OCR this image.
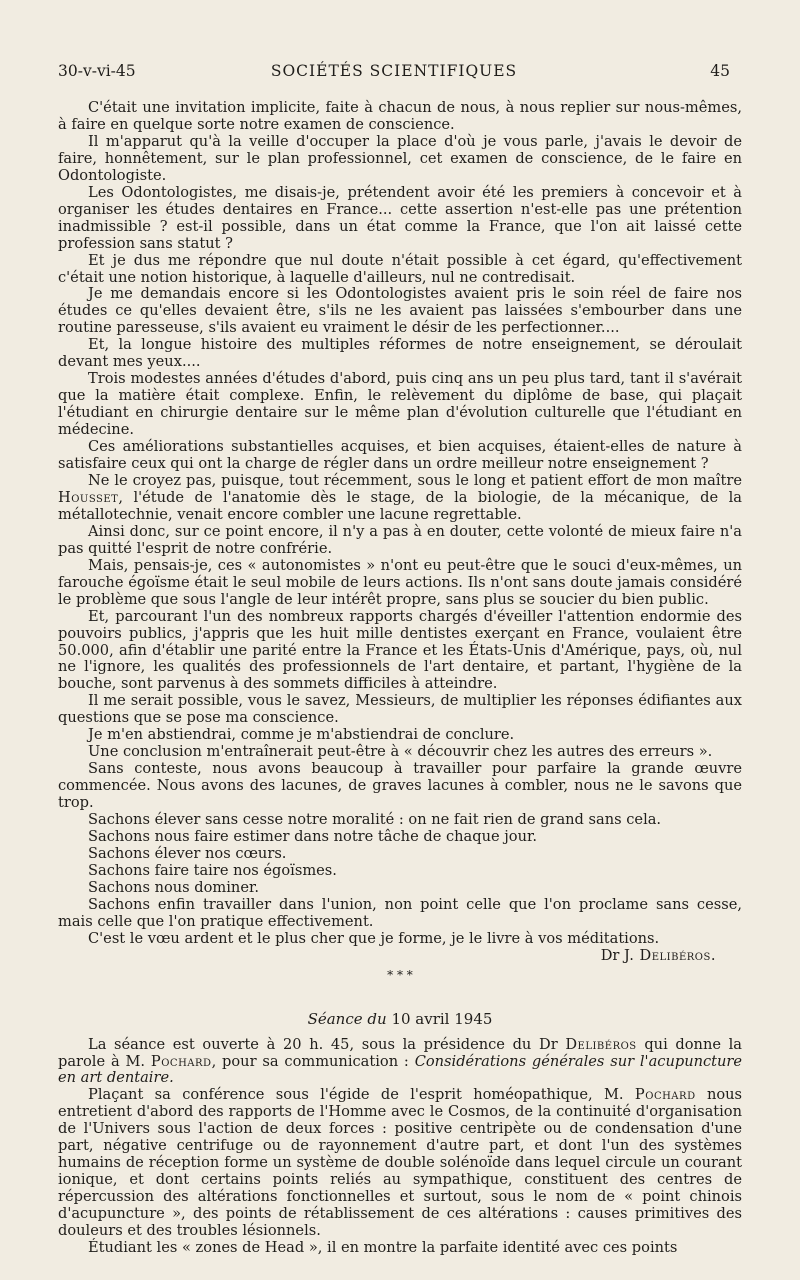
30-v-vi-45	SOCIÉTÉS SCIENTIFIQUES	45

C'était une invitation implicite, faite à chacun de nous, à nous replier sur nous-mêmes, à faire en quelque sorte notre examen de conscience.

Il m'apparut qu'à la veille d'occuper la place d'où je vous parle, j'avais le devoir de faire, honnêtement, sur le plan professionnel, cet examen de conscience, de le faire en Odontologiste.

Les Odontologistes, me disais-je, prétendent avoir été les premiers à concevoir et à organiser les études dentaires en France... cette assertion n'est-elle pas une prétention inadmissible ? est-il possible, dans un état comme la France, que l'on ait laissé cette profession sans statut ?

Et je dus me répondre que nul doute n'était possible à cet égard, qu'effectivement c'était une notion historique, à laquelle d'ailleurs, nul ne contredisait.

Je me demandais encore si les Odontologistes avaient pris le soin réel de faire nos études ce qu'elles devaient être, s'ils ne les avaient pas laissées s'embourber dans une routine paresseuse, s'ils avaient eu vraiment le désir de les perfectionner....

Et, la longue histoire des multiples réformes de notre enseignement, se déroulait devant mes yeux....

Trois modestes années d'études d'abord, puis cinq ans un peu plus tard, tant il s'avérait que la matière était complexe. Enfin, le relèvement du diplôme de base, qui plaçait l'étudiant en chirurgie dentaire sur le même plan d'évolution culturelle que l'étudiant en médecine.

Ces améliorations substantielles acquises, et bien acquises, étaient-elles de nature à satisfaire ceux qui ont la charge de régler dans un ordre meilleur notre enseignement ?

Ne le croyez pas, puisque, tout récemment, sous le long et patient effort de mon maître Housset, l'étude de l'anatomie dès le stage, de la biologie, de la mécanique, de la métallotechnie, venait encore combler une lacune regrettable.

Ainsi donc, sur ce point encore, il n'y a pas à en douter, cette volonté de mieux faire n'a pas quitté l'esprit de notre confrérie.

Mais, pensais-je, ces « autonomistes » n'ont eu peut-être que le souci d'eux-mêmes, un farouche égoïsme était le seul mobile de leurs actions. Ils n'ont sans doute jamais considéré le problème que sous l'angle de leur intérêt propre, sans plus se soucier du bien public.

Et, parcourant l'un des nombreux rapports chargés d'éveiller l'attention endormie des pouvoirs publics, j'appris que les huit mille dentistes exerçant en France, voulaient être 50.000, afin d'établir une parité entre la France et les États-Unis d'Amérique, pays, où, nul ne l'ignore, les qualités des professionnels de l'art dentaire, et partant, l'hygiène de la bouche, sont parvenus à des sommets difficiles à atteindre.

Il me serait possible, vous le savez, Messieurs, de multiplier les réponses édifiantes aux questions que se pose ma conscience.

Je m'en abstiendrai, comme je m'abstiendrai de conclure.

Une conclusion m'entraînerait peut-être à « découvrir chez les autres des erreurs ».

Sans conteste, nous avons beaucoup à travailler pour parfaire la grande œuvre commencée. Nous avons des lacunes, de graves lacunes à combler, nous ne le savons que trop.

Sachons élever sans cesse notre moralité : on ne fait rien de grand sans cela.

Sachons nous faire estimer dans notre tâche de chaque jour.

Sachons élever nos cœurs.

Sachons faire taire nos égoïsmes.

Sachons nous dominer.

Sachons enfin travailler dans l'union, non point celle que l'on proclame sans cesse, mais celle que l'on pratique effectivement.

C'est le vœu ardent et le plus cher que je forme, je le livre à vos méditations.

Dr J. Delibéros.

* * *

Séance du 10 avril 1945

La séance est ouverte à 20 h. 45, sous la présidence du Dr Delibéros qui donne la parole à M. Pochard, pour sa communication : Considérations générales sur l'acupuncture en art dentaire.

Plaçant sa conférence sous l'égide de l'esprit homéopathique, M. Pochard nous entretient d'abord des rapports de l'Homme avec le Cosmos, de la continuité d'organisation de l'Univers sous l'action de deux forces : positive centripète ou de condensation d'une part, négative centrifuge ou de rayonnement d'autre part, et dont l'un des systèmes humains de réception forme un système de double solénoïde dans lequel circule un courant ionique, et dont certains points reliés au sympathique, constituent des centres de répercussion des altérations fonctionnelles et surtout, sous le nom de « point chinois d'acupuncture », des points de rétablissement de ces altérations : causes primitives des douleurs et des troubles lésionnels.

Étudiant les « zones de Head », il en montre la parfaite identité avec ces points
